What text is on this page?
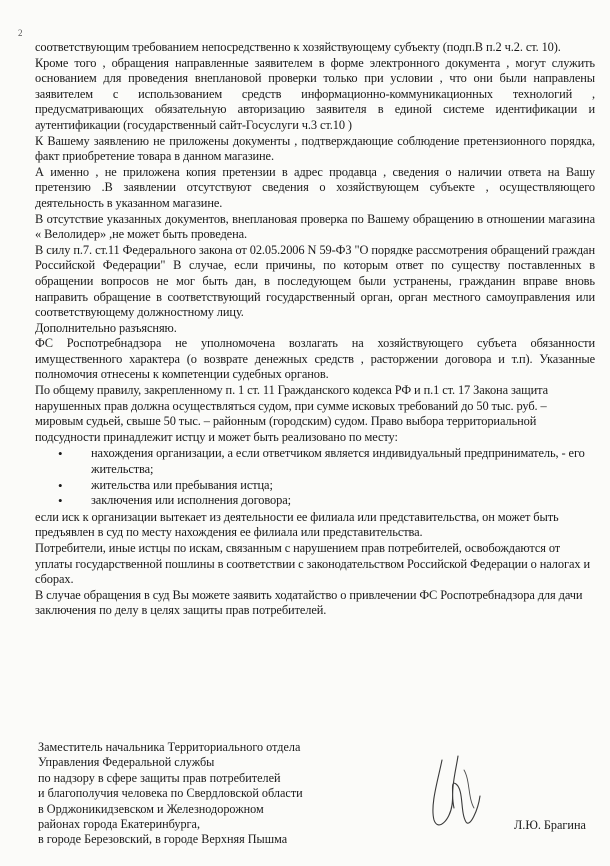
2

соответствующим требованием непосредственно к хозяйствующему субъекту (подп.В п.2 ч.2. ст. 10).

Кроме того , обращения направленные заявителем в форме электронного документа , могут служить основанием для проведения внеплановой проверки только при условии , что они были направлены заявителем с использованием средств информационно-коммуникационных технологий , предусматривающих обязательную авторизацию заявителя в единой системе идентификации и аутентификации (государственный сайт-Госуслуги ч.3 ст.10 )

К Вашему заявлению не приложены документы , подтверждающие соблюдение претензионного порядка, факт приобретение товара в данном магазине.

А именно , не приложена копия претензии в адрес продавца , сведения о наличии ответа на Вашу претензию .В заявлении отсутствуют сведения о хозяйствующем субъекте , осуществляющего деятельность в указанном магазине.

В отсутствие указанных документов, внеплановая проверка по Вашему обращению в отношении магазина « Велолидер» ,не может быть проведена.

В силу п.7. ст.11 Федерального закона от 02.05.2006 N 59-ФЗ "О порядке рассмотрения обращений граждан Российской Федерации" В случае, если причины, по которым ответ по существу поставленных в обращении вопросов не мог быть дан, в последующем были устранены, гражданин вправе вновь направить обращение в соответствующий государственный орган, орган местного самоуправления или соответствующему должностному лицу.

Дополнительно разъясняю.

ФС Роспотребнадзора не уполномочена возлагать на хозяйствующего субъета обязанности имущественного характера (о возврате денежных средств , расторжении договора и т.п). Указанные полномочия отнесены к компетенции судебных органов.

По общему правилу, закрепленному п. 1 ст. 11 Гражданского кодекса РФ и п.1 ст. 17 Закона защита нарушенных прав должна осуществляться судом, при сумме исковых требований до 50 тыс. руб. – мировым судьей, свыше 50 тыс. – районным (городским) судом. Право выбора территориальной подсудности принадлежит истцу и может быть реализовано по месту:

• нахождения организации, а если ответчиком является индивидуальный предприниматель, - его жительства;
• жительства или пребывания истца;
• заключения или исполнения договора;

если иск к организации вытекает из деятельности ее филиала или представительства, он может быть предъявлен в суд по месту нахождения ее филиала или представительства.

Потребители, иные истцы по искам, связанным с нарушением прав потребителей, освобождаются от уплаты государственной пошлины в соответствии с законодательством Российской Федерации о налогах и сборах.

В случае обращения в суд Вы можете заявить ходатайство о привлечении ФС Роспотребнадзора для дачи заключения по делу в целях защиты прав потребителей.

Заместитель начальника Территориального отдела
Управления Федеральной службы
по надзору в сфере защиты прав потребителей
и благополучия человека по Свердловской области
в Орджоникидзевском и Железнодорожном
районах города Екатеринбурга,
в городе Березовский, в городе Верхняя Пышма
Л.Ю. Брагина
